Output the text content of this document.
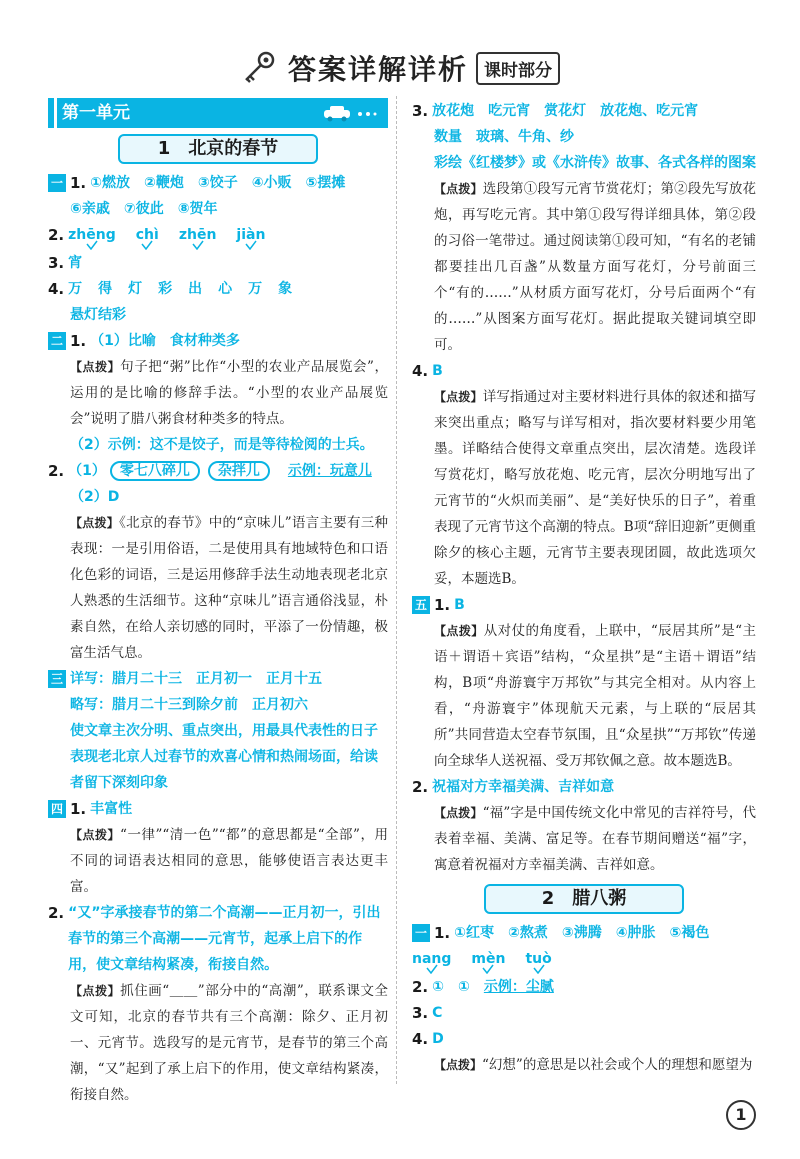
答案详解详析 课时部分
第一单元
1　北京的春节
一 1. ①燃放　②鞭炮　③饺子　④小贩　⑤摆摊
⑥亲戚　⑦彼此　⑧贺年
2. zhēng chì zhēn jiàn
3. 宵
4. 万 得 灯 彩 出 心 万 象
悬灯结彩
二 1. （1）比喻　食材种类多
【点拨】句子把“粥”比作“小型的农业产品展览会”，运用的是比喻的修辞手法。“小型的农业产品展览会”说明了腊八粥食材种类多的特点。
（2）示例：这不是饺子，而是等待检阅的士兵。
2. （1） 零七八碎儿 杂拌儿　 示例：玩意儿
（2）D
【点拨】《北京的春节》中的“京味儿”语言主要有三种表现：一是引用俗语，二是使用具有地域特色和口语化色彩的词语，三是运用修辞手法生动地表现老北京人熟悉的生活细节。这种“京味儿”语言通俗浅显，朴素自然，在给人亲切感的同时，平添了一份情趣，极富生活气息。
三 详写：腊月二十三　正月初一　正月十五
略写：腊月二十三到除夕前　正月初六
使文章主次分明、重点突出，用最具代表性的日子表现老北京人过春节的欢喜心情和热闹场面，给读者留下深刻印象
四 1. 丰富性
【点拨】“一律”“清一色”“都”的意思都是“全部”，用不同的词语表达相同的意思，能够使语言表达更丰富。
2. “又”字承接春节的第二个高潮——正月初一，引出春节的第三个高潮——元宵节，起承上启下的作用，使文章结构紧凑，衔接自然。
【点拨】抓住画“＿＿”部分中的“高潮”，联系课文全文可知，北京的春节共有三个高潮：除夕、正月初一、元宵节。选段写的是元宵节，是春节的第三个高潮，“又”起到了承上启下的作用，使文章结构紧凑，衔接自然。
3. 放花炮　吃元宵　赏花灯　放花炮、吃元宵
数量　玻璃、牛角、纱
彩绘《红楼梦》或《水浒传》故事、各式各样的图案
【点拨】选段第①段写元宵节赏花灯；第②段先写放花炮，再写吃元宵。其中第①段写得详细具体，第②段的习俗一笔带过。通过阅读第①段可知，“有名的老铺都要挂出几百盏”从数量方面写花灯，分号前面三个“有的……”从材质方面写花灯，分号后面两个“有的……”从图案方面写花灯。据此提取关键词填空即可。
4. B
【点拨】详写指通过对主要材料进行具体的叙述和描写来突出重点；略写与详写相对，指次要材料要少用笔墨。详略结合使得文章重点突出，层次清楚。选段详写赏花灯，略写放花炮、吃元宵，层次分明地写出了元宵节的“火炽而美丽”、是“美好快乐的日子”，着重表现了元宵节这个高潮的特点。B项“辞旧迎新”更侧重除夕的核心主题，元宵节主要表现团圆，故此选项欠妥，本题选B。
五 1. B
【点拨】从对仗的角度看，上联中，“辰居其所”是“主语＋谓语＋宾语”结构，“众星拱”是“主语＋谓语”结构，B项“舟游寰宇万邦钦”与其完全相对。从内容上看，“舟游寰宇”体现航天元素，与上联的“辰居其所”共同营造太空春节氛围，且“众星拱”“万邦钦”传递向全球华人送祝福、受万邦钦佩之意。故本题选B。
2. 祝福对方幸福美满、吉祥如意
【点拨】“福”字是中国传统文化中常见的吉祥符号，代表着幸福、美满、富足等。在春节期间赠送“福”字，寓意着祝福对方幸福美满、吉祥如意。
2　腊八粥
一 1. ①红枣　②熬煮　③沸腾　④肿胀　⑤褐色
nang mèn tuò
2. ①　①　 示例：尘腻
3. C
4. D
【点拨】“幻想”的意思是以社会或个人的理想和愿望为
1
